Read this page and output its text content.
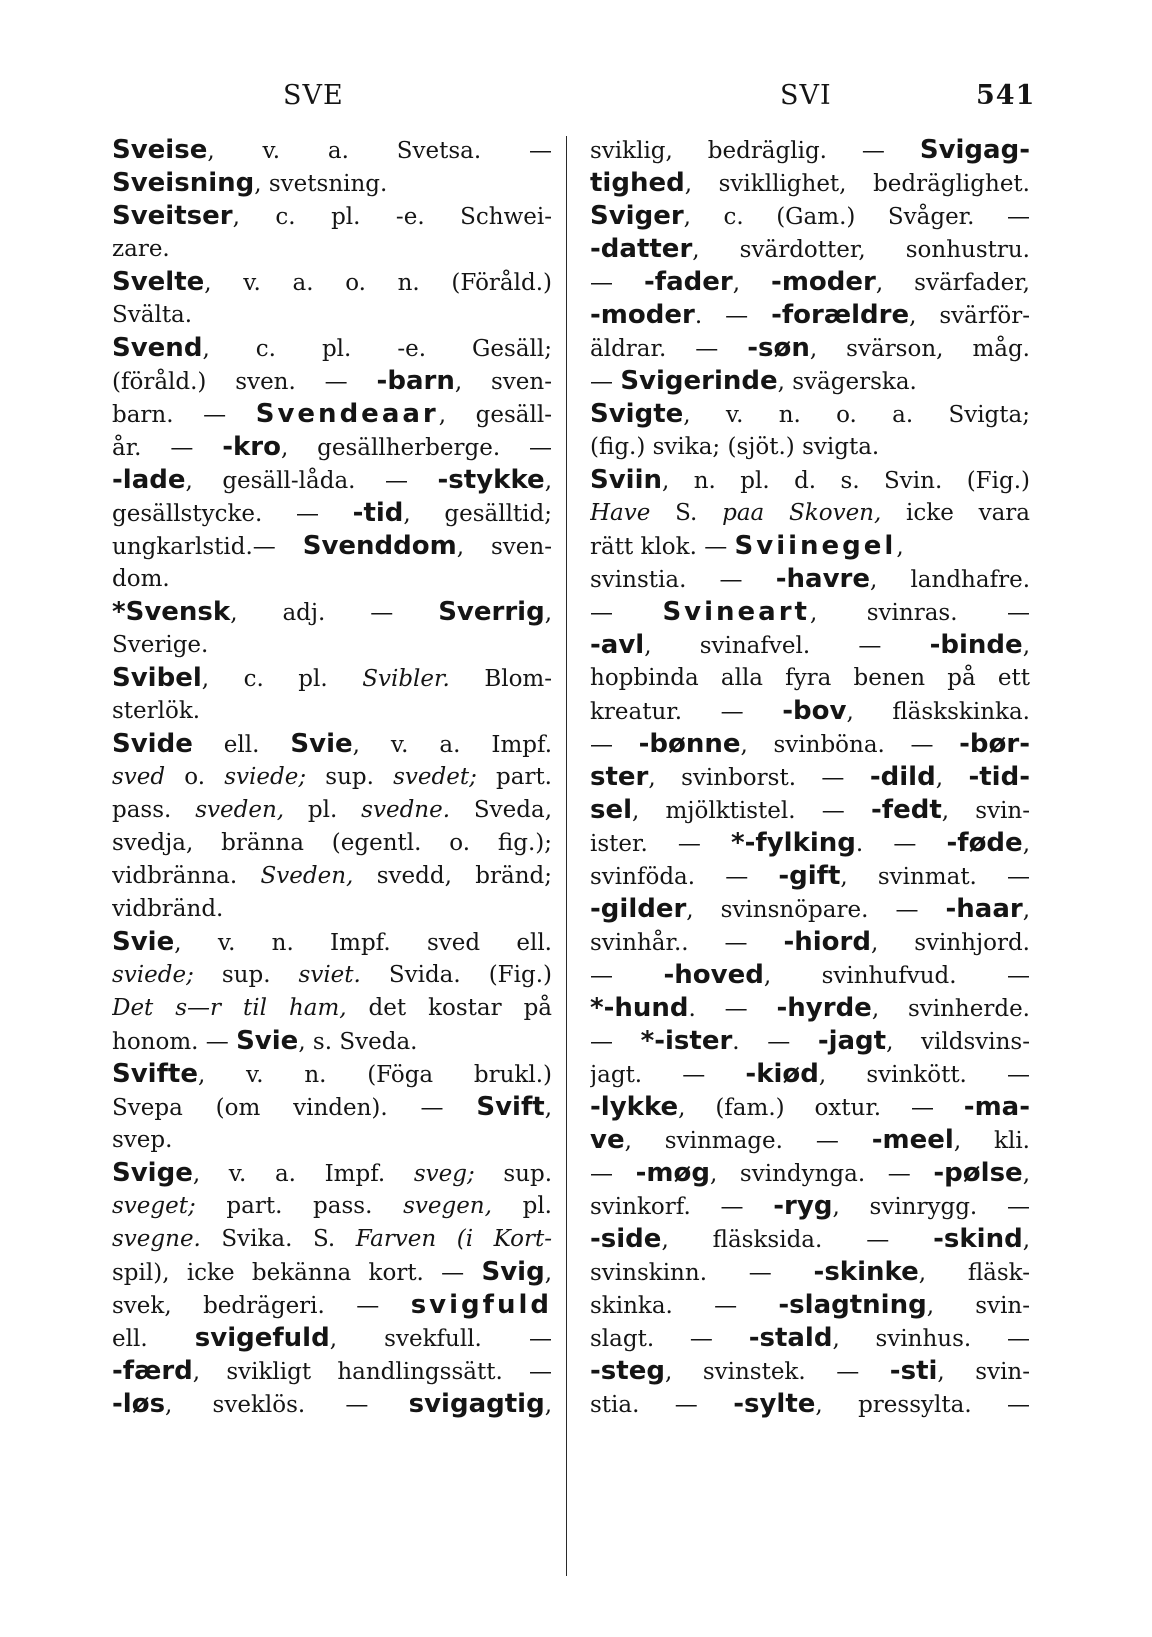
SVE	SVI	541
Sveise, v. a. Svetsa. —
Sveisning, svetsning.
Sveitser, c. pl. -e. Schwei-
zare.
Svelte, v. a. o. n. (Föråld.)
Svälta.
Svend, c. pl. -e. Gesäll;
(föråld.) sven. — -barn, sven-
barn. — Svendeaar, gesäll-
år. — -kro, gesällherberge. —
-lade, gesäll-låda. — -stykke,
gesällstycke. — -tid, gesälltid;
ungkarlstid.— Svenddom, sven-
dom.
*Svensk, adj. — Sverrig,
Sverige.
Svibel, c. pl. Svibler. Blom-
sterlök.
Svide ell. Svie, v. a. Impf.
sved o. sviede; sup. svedet; part.
pass. sveden, pl. svedne. Sveda,
svedja, bränna (egentl. o. fig.);
vidbränna. Sveden, svedd, bränd;
vidbränd.
Svie, v. n. Impf. sved ell.
sviede; sup. sviet. Svida. (Fig.)
Det s—r til ham, det kostar på
honom. — Svie, s. Sveda.
Svifte, v. n. (Föga brukl.)
Svepa (om vinden). — Svift,
svep.
Svige, v. a. Impf. sveg; sup.
sveget; part. pass. svegen, pl.
svegne. Svika. S. Farven (i Kort-
spil), icke bekänna kort. — Svig,
svek, bedrägeri. — svigfuld
ell. svigefuld, svekfull. —
-færd, svikligt handlingssätt. —
-løs, sveklös. — svigagtig,
sviklig, bedräglig. — Svigag-
tighed, svikllighet, bedräglighet.
Sviger, c. (Gam.) Svåger. —
-datter, svärdotter, sonhustru.
— -fader, -moder, svärfader,
-moder. — -forældre, svärför-
äldrar. — -søn, svärson, måg.
— Svigerinde, svägerska.
Svigte, v. n. o. a. Svigta;
(fig.) svika; (sjöt.) svigta.
Sviin, n. pl. d. s. Svin. (Fig.)
Have S. paa Skoven, icke vara
rätt klok. — Sviinegel,
svinstia. — -havre, landhafre.
— Svineart, svinras. —
-avl, svinafvel. — -binde,
hopbinda alla fyra benen på ett
kreatur. — -bov, fläskskinka.
— -bønne, svinböna. — -bør-
ster, svinborst. — -dild, -tid-
sel, mjölktistel. — -fedt, svin-
ister. — *-fylking. — -føde,
svinföda. — -gift, svinmat. —
-gilder, svinsnöpare. — -haar,
svinhår.. — -hiord, svinhjord.
— -hoved, svinhufvud. —
*-hund. — -hyrde, svinherde.
— *-ister. — -jagt, vildsvins-
jagt. — -kiød, svinkött. —
-lykke, (fam.) oxtur. — -ma-
ve, svinmage. — -meel, kli.
— -møg, svindynga. — -pølse,
svinkorf. — -ryg, svinrygg. —
-side, fläsksida. — -skind,
svinskinn. — -skinke, fläsk-
skinka. — -slagtning, svin-
slagt. — -stald, svinhus. —
-steg, svinstek. — -sti, svin-
stia. — -sylte, pressylta. —
